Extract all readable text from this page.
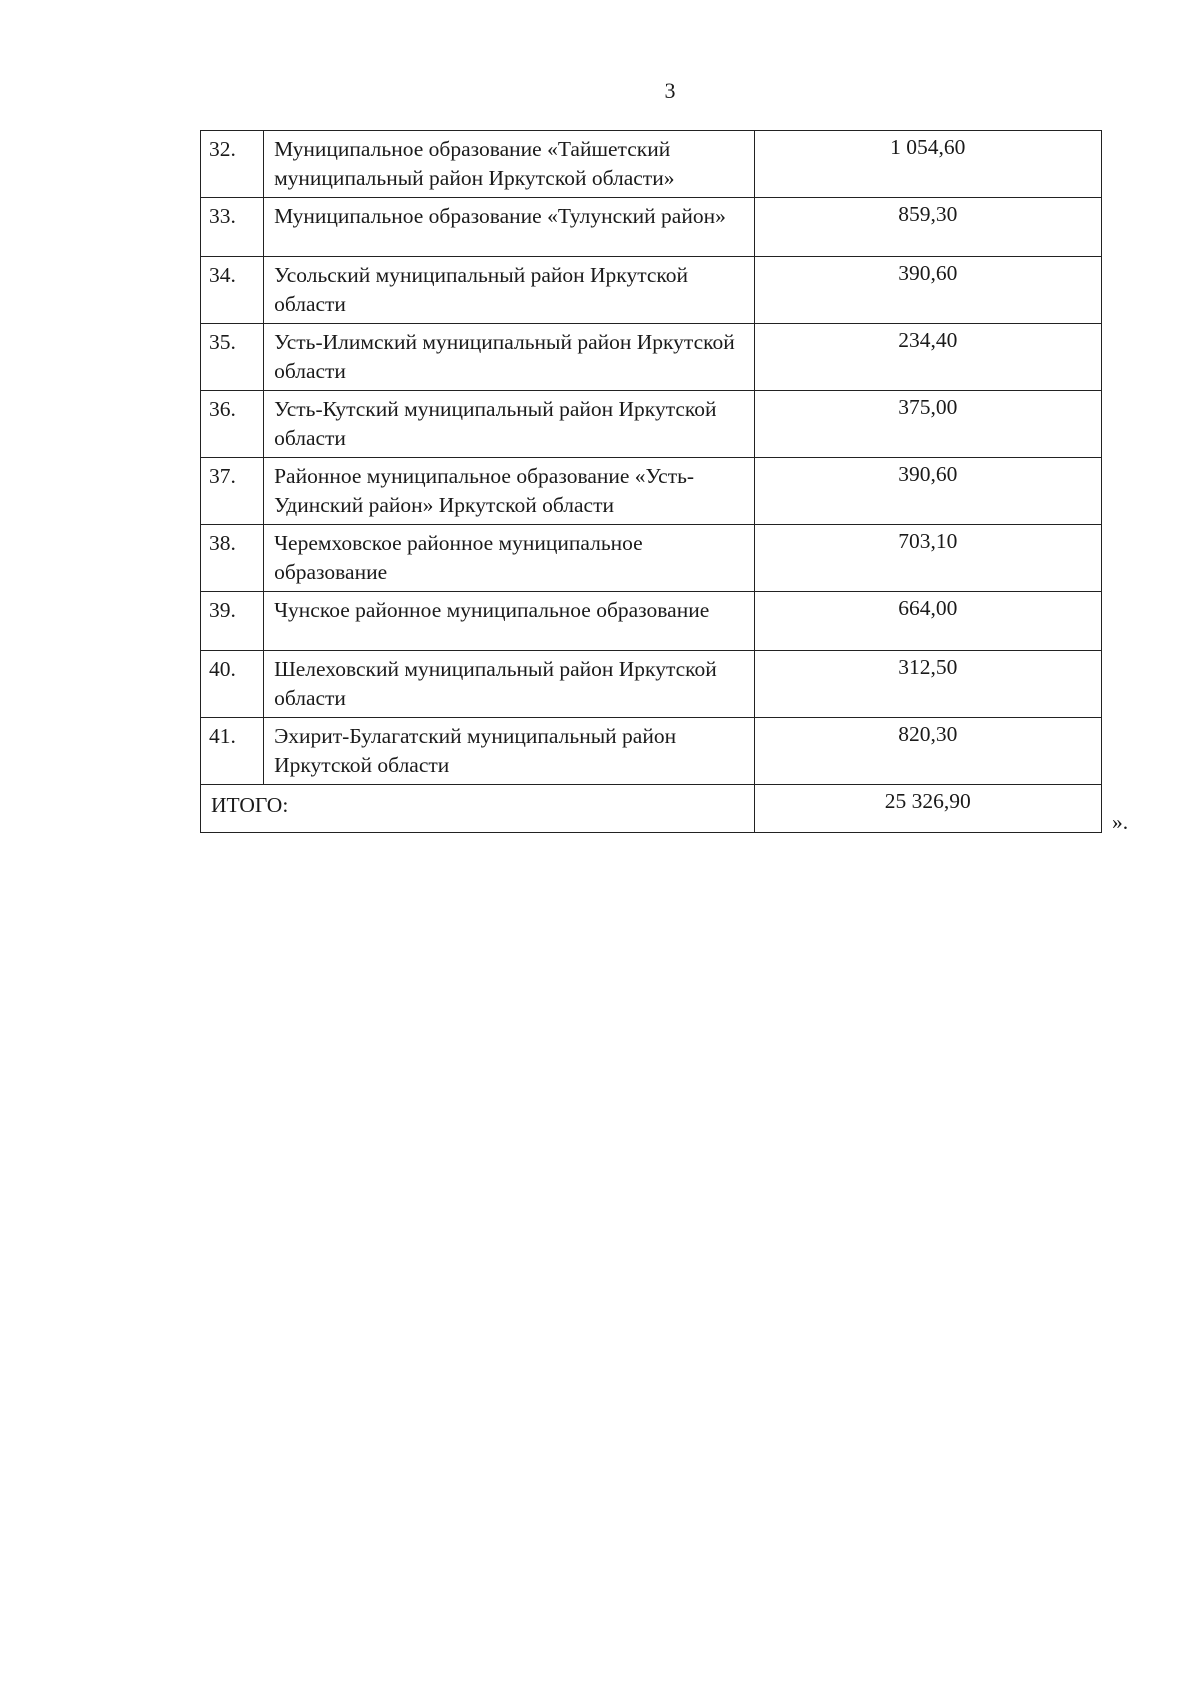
3
32.	Муниципальное образование «Тайшетский муниципальный район Иркутской области»	1 054,60
33.	Муниципальное образование «Тулунский район»	859,30
34.	Усольский муниципальный район Иркутской области	390,60
35.	Усть-Илимский муниципальный район Иркутской области	234,40
36.	Усть-Кутский муниципальный район Иркутской области	375,00
37.	Районное муниципальное образование «Усть-Удинский район» Иркутской области	390,60
38.	Черемховское районное муниципальное образование	703,10
39.	Чунское районное муниципальное образование	664,00
40.	Шелеховский муниципальный район Иркутской области	312,50
41.	Эхирит-Булагатский муниципальный район Иркутской области	820,30
ИТОГО:		25 326,90
».
